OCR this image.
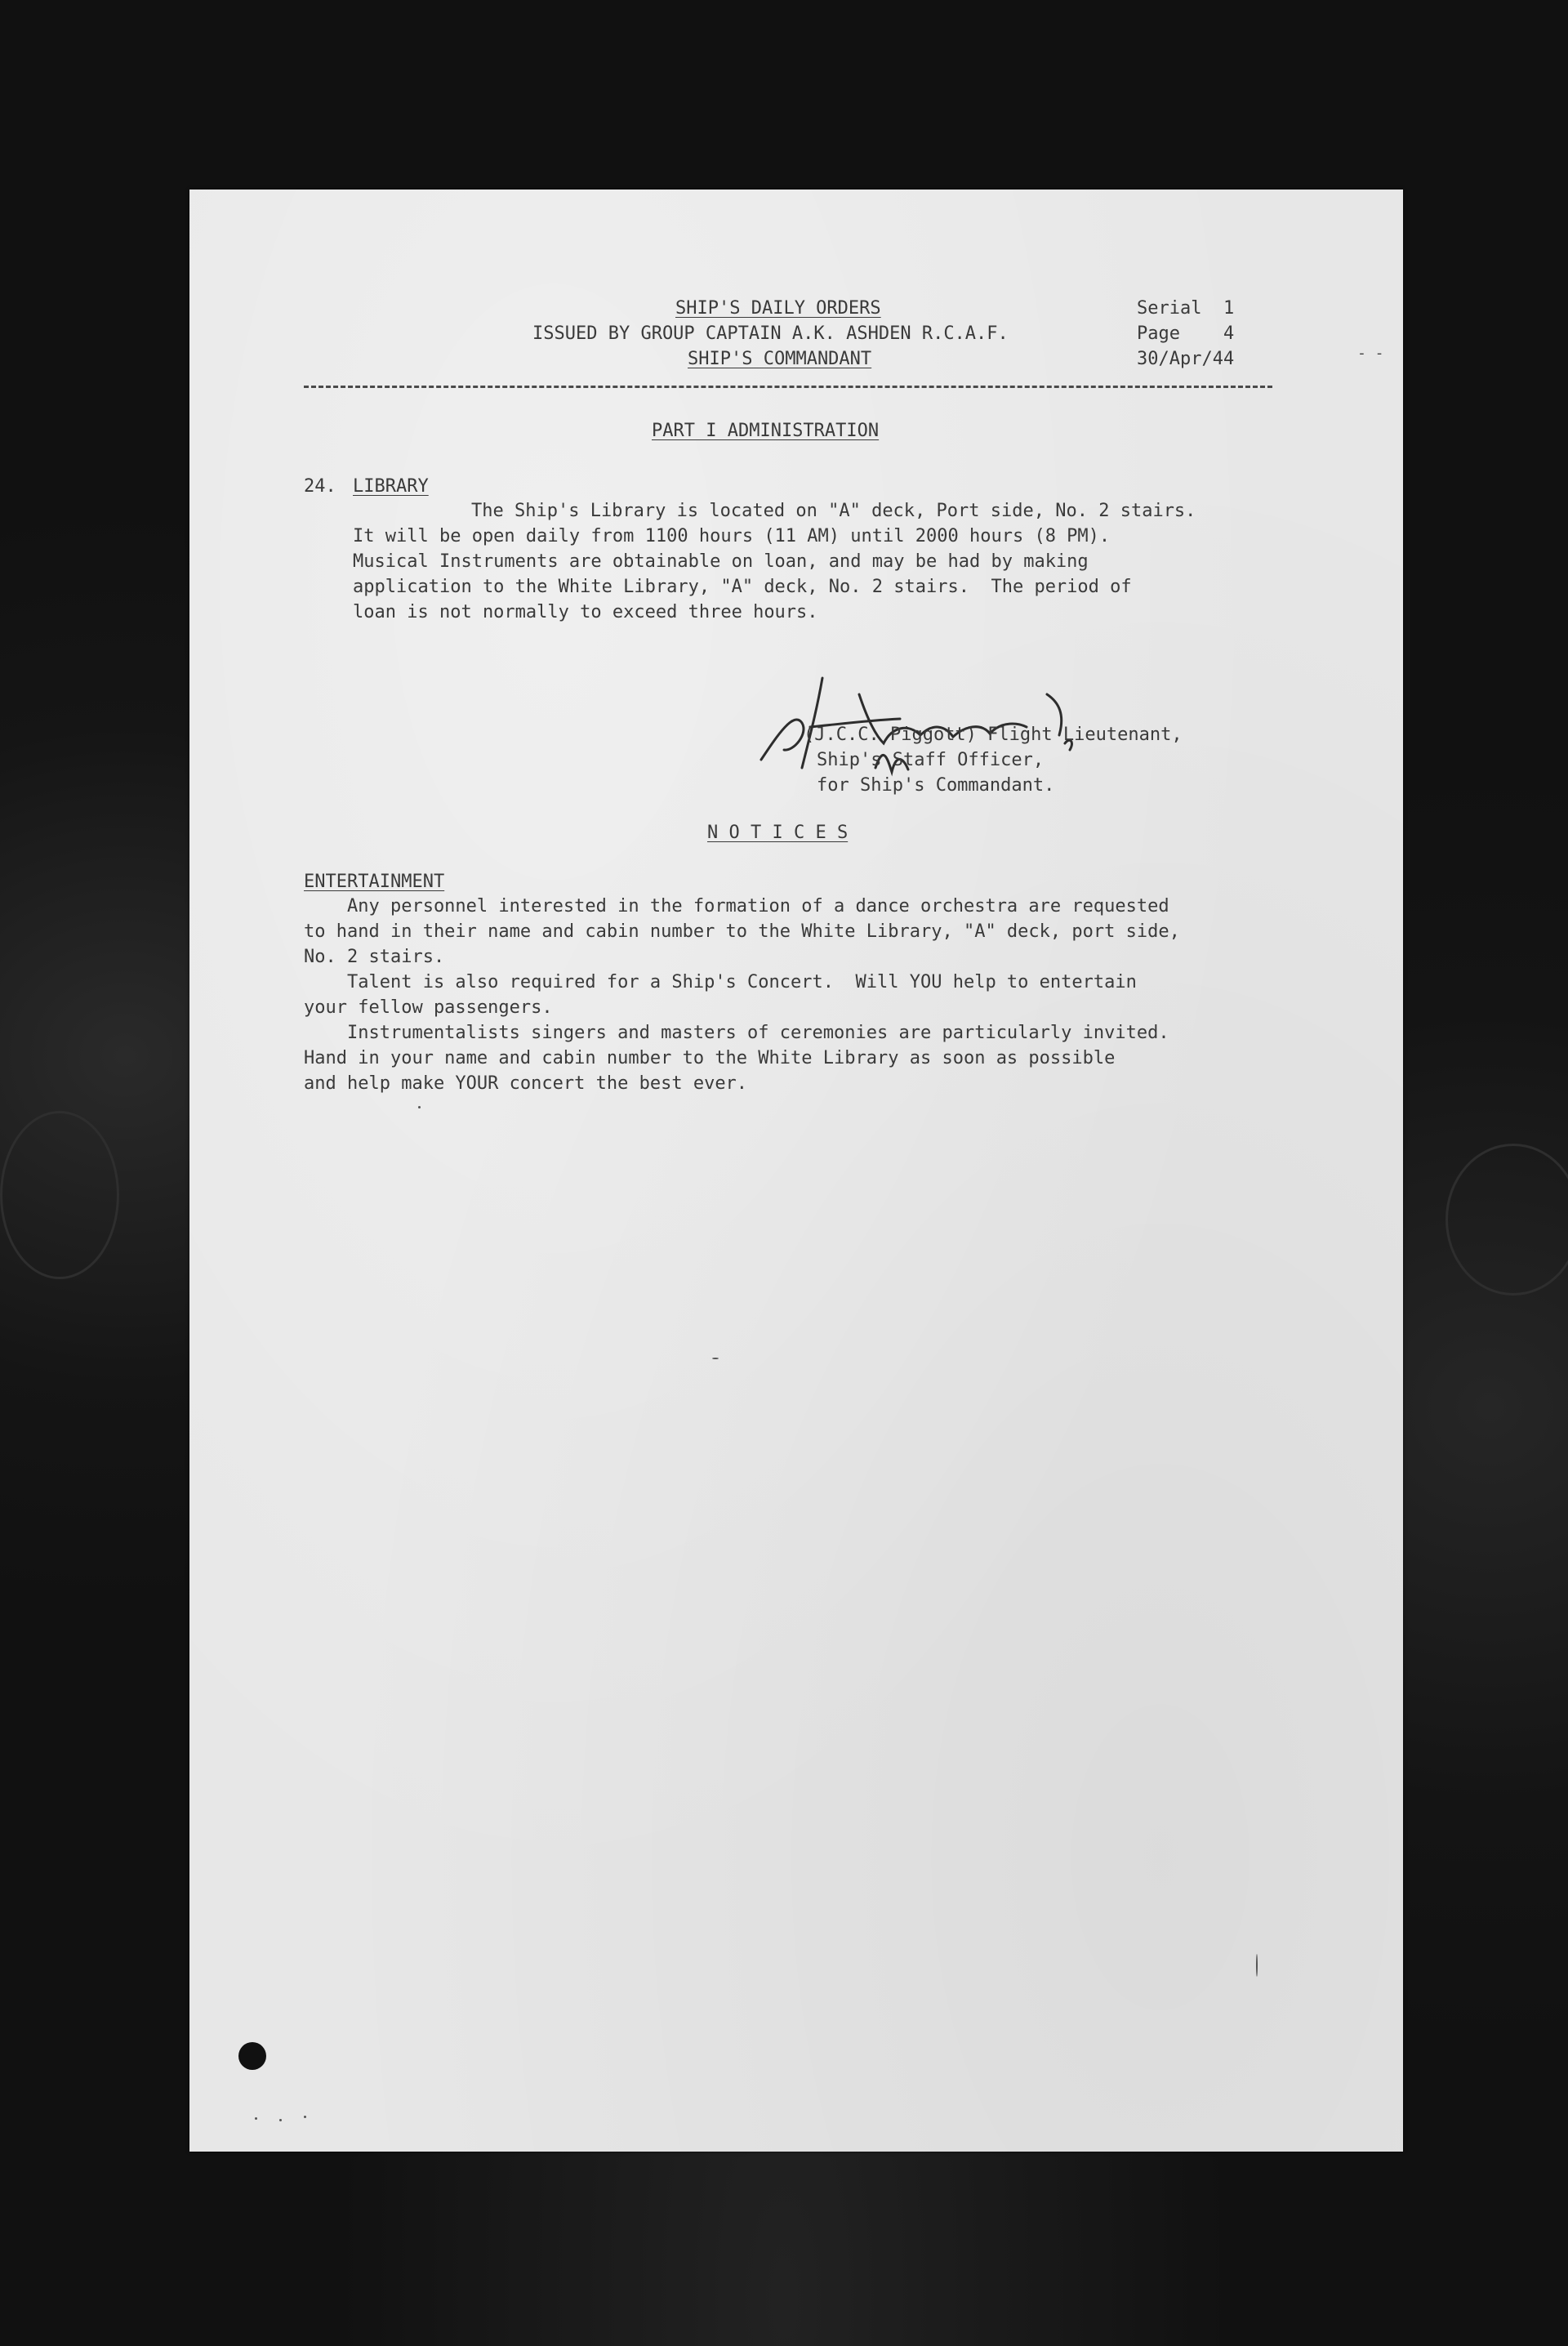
SHIP'S DAILY ORDERS
ISSUED BY GROUP CAPTAIN A.K. ASHDEN R.C.A.F.
SHIP'S COMMANDANT
Serial  1
Page    4
30/Apr/44	- -
PART I ADMINISTRATION
24. LIBRARY
The Ship's Library is located on "A" deck, Port side, No. 2 stairs.
It will be open daily from 1100 hours (11 AM) until 2000 hours (8 PM).
Musical Instruments are obtainable on loan, and may be had by making
application to the White Library, "A" deck, No. 2 stairs.  The period of
loan is not normally to exceed three hours.
(J.C.C. Piggott) Flight Lieutenant,
Ship's Staff Officer,
for Ship's Commandant.
N O T I C E S
ENTERTAINMENT
Any personnel interested in the formation of a dance orchestra are requested
to hand in their name and cabin number to the White Library, "A" deck, port side,
No. 2 stairs.
Talent is also required for a Ship's Concert.  Will YOU help to entertain
your fellow passengers.
Instrumentalists singers and masters of ceremonies are particularly invited.
Hand in your name and cabin number to the White Library as soon as possible
and help make YOUR concert the best ever.
